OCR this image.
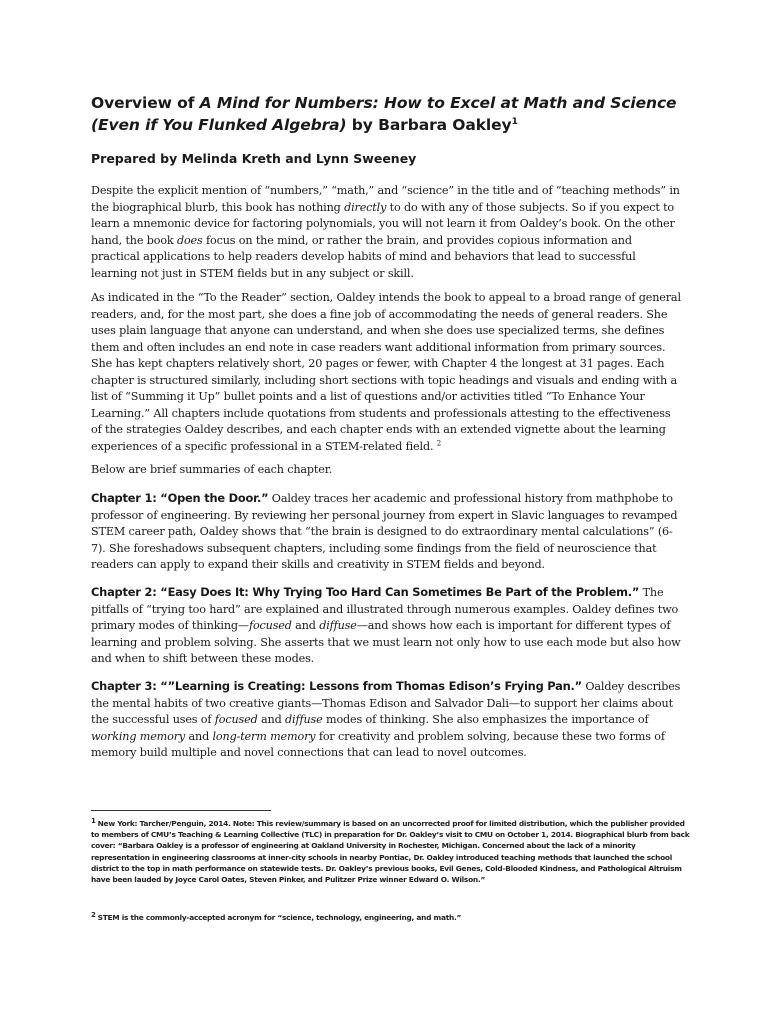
Overview of A Mind for Numbers: How to Excel at Math and Science (Even if You Flunked Algebra) by Barbara Oakley$^1$

Prepared by Melinda Kreth and Lynn Sweeney

Despite the explicit mention of “numbers,” “math,” and “science” in the title and of “teaching methods” in the biographical blurb, this book has nothing directly to do with any of those subjects. So if you expect to learn a mnemonic device for factoring polynomials, you will not learn it from Oaldey’s book. On the other hand, the book does focus on the mind, or rather the brain, and provides copious information and practical applications to help readers develop habits of mind and behaviors that lead to successful learning not just in STEM fields but in any subject or skill.

As indicated in the “To the Reader” section, Oaldey intends the book to appeal to a broad range of general readers, and, for the most part, she does a fine job of accommodating the needs of general readers. She uses plain language that anyone can understand, and when she does use specialized terms, she defines them and often includes an end note in case readers want additional information from primary sources. She has kept chapters relatively short, 20 pages or fewer, with Chapter 4 the longest at 31 pages. Each chapter is structured similarly, including short sections with topic headings and visuals and ending with a list of “Summing it Up” bullet points and a list of questions and/or activities titled “To Enhance Your Learning.” All chapters include quotations from students and professionals attesting to the effectiveness of the strategies Oaldey describes, and each chapter ends with an extended vignette about the learning experiences of a specific professional in a STEM-related field. $^2$

Below are brief summaries of each chapter.

Chapter 1: “Open the Door.” Oaldey traces her academic and professional history from mathphobe to professor of engineering. By reviewing her personal journey from expert in Slavic languages to revamped STEM career path, Oaldey shows that “the brain is designed to do extraordinary mental calculations” (6-7). She foreshadows subsequent chapters, including some findings from the field of neuroscience that readers can apply to expand their skills and creativity in STEM fields and beyond.

Chapter 2: “Easy Does It: Why Trying Too Hard Can Sometimes Be Part of the Problem.” The pitfalls of “trying too hard” are explained and illustrated through numerous examples. Oaldey defines two primary modes of thinking—focused and diffuse—and shows how each is important for different types of learning and problem solving. She asserts that we must learn not only how to use each mode but also how and when to shift between these modes.

Chapter 3: “”Learning is Creating: Lessons from Thomas Edison’s Frying Pan.” Oaldey describes the mental habits of two creative giants—Thomas Edison and Salvador Dali—to support her claims about the successful uses of focused and diffuse modes of thinking. She also emphasizes the importance of working memory and long-term memory for creativity and problem solving, because these two forms of memory build multiple and novel connections that can lead to novel outcomes.

1 New York: Tarcher/Penguin, 2014. Note: This review/summary is based on an uncorrected proof for limited distribution, which the publisher provided to members of CMU’s Teaching & Learning Collective (TLC) in preparation for Dr. Oakley’s visit to CMU on October 1, 2014. Biographical blurb from back cover: “Barbara Oakley is a professor of engineering at Oakland University in Rochester, Michigan. Concerned about the lack of a minority representation in engineering classrooms at inner-city schools in nearby Pontiac, Dr. Oakley introduced teaching methods that launched the school district to the top in math performance on statewide tests. Dr. Oakley’s previous books, Evil Genes, Cold-Blooded Kindness, and Pathological Altruism have been lauded by Joyce Carol Oates, Steven Pinker, and Pulitzer Prize winner Edward O. Wilson.”

2 STEM is the commonly-accepted acronym for “science, technology, engineering, and math.”
